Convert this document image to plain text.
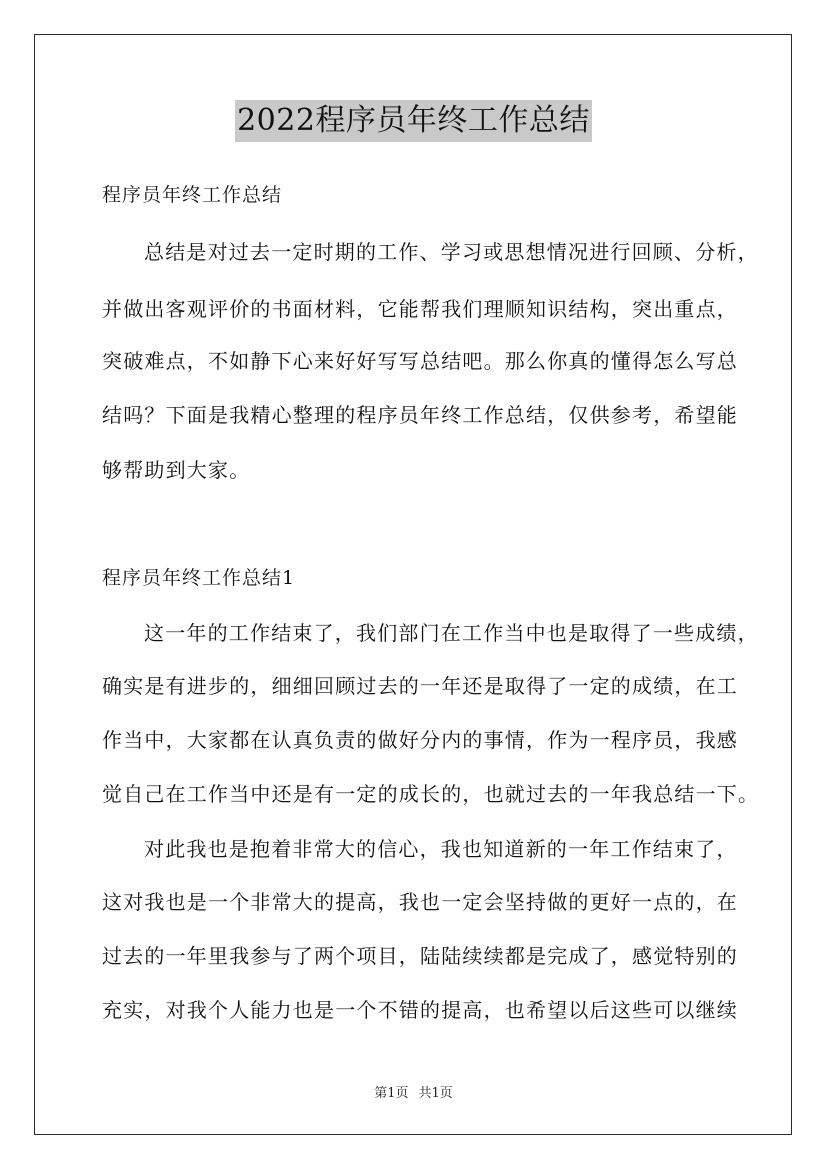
2022程序员年终工作总结
程序员年终工作总结
总结是对过去一定时期的工作、学习或思想情况进行回顾、分析，
并做出客观评价的书面材料，它能帮我们理顺知识结构，突出重点，
突破难点，不如静下心来好好写写总结吧。那么你真的懂得怎么写总
结吗？下面是我精心整理的程序员年终工作总结，仅供参考，希望能
够帮助到大家。
程序员年终工作总结1
这一年的工作结束了，我们部门在工作当中也是取得了一些成绩，
确实是有进步的，细细回顾过去的一年还是取得了一定的成绩，在工
作当中，大家都在认真负责的做好分内的事情，作为一程序员，我感
觉自己在工作当中还是有一定的成长的，也就过去的一年我总结一下。
对此我也是抱着非常大的信心，我也知道新的一年工作结束了，
这对我也是一个非常大的提高，我也一定会坚持做的更好一点的，在
过去的一年里我参与了两个项目，陆陆续续都是完成了，感觉特别的
充实，对我个人能力也是一个不错的提高，也希望以后这些可以继续
第1页 共1页
